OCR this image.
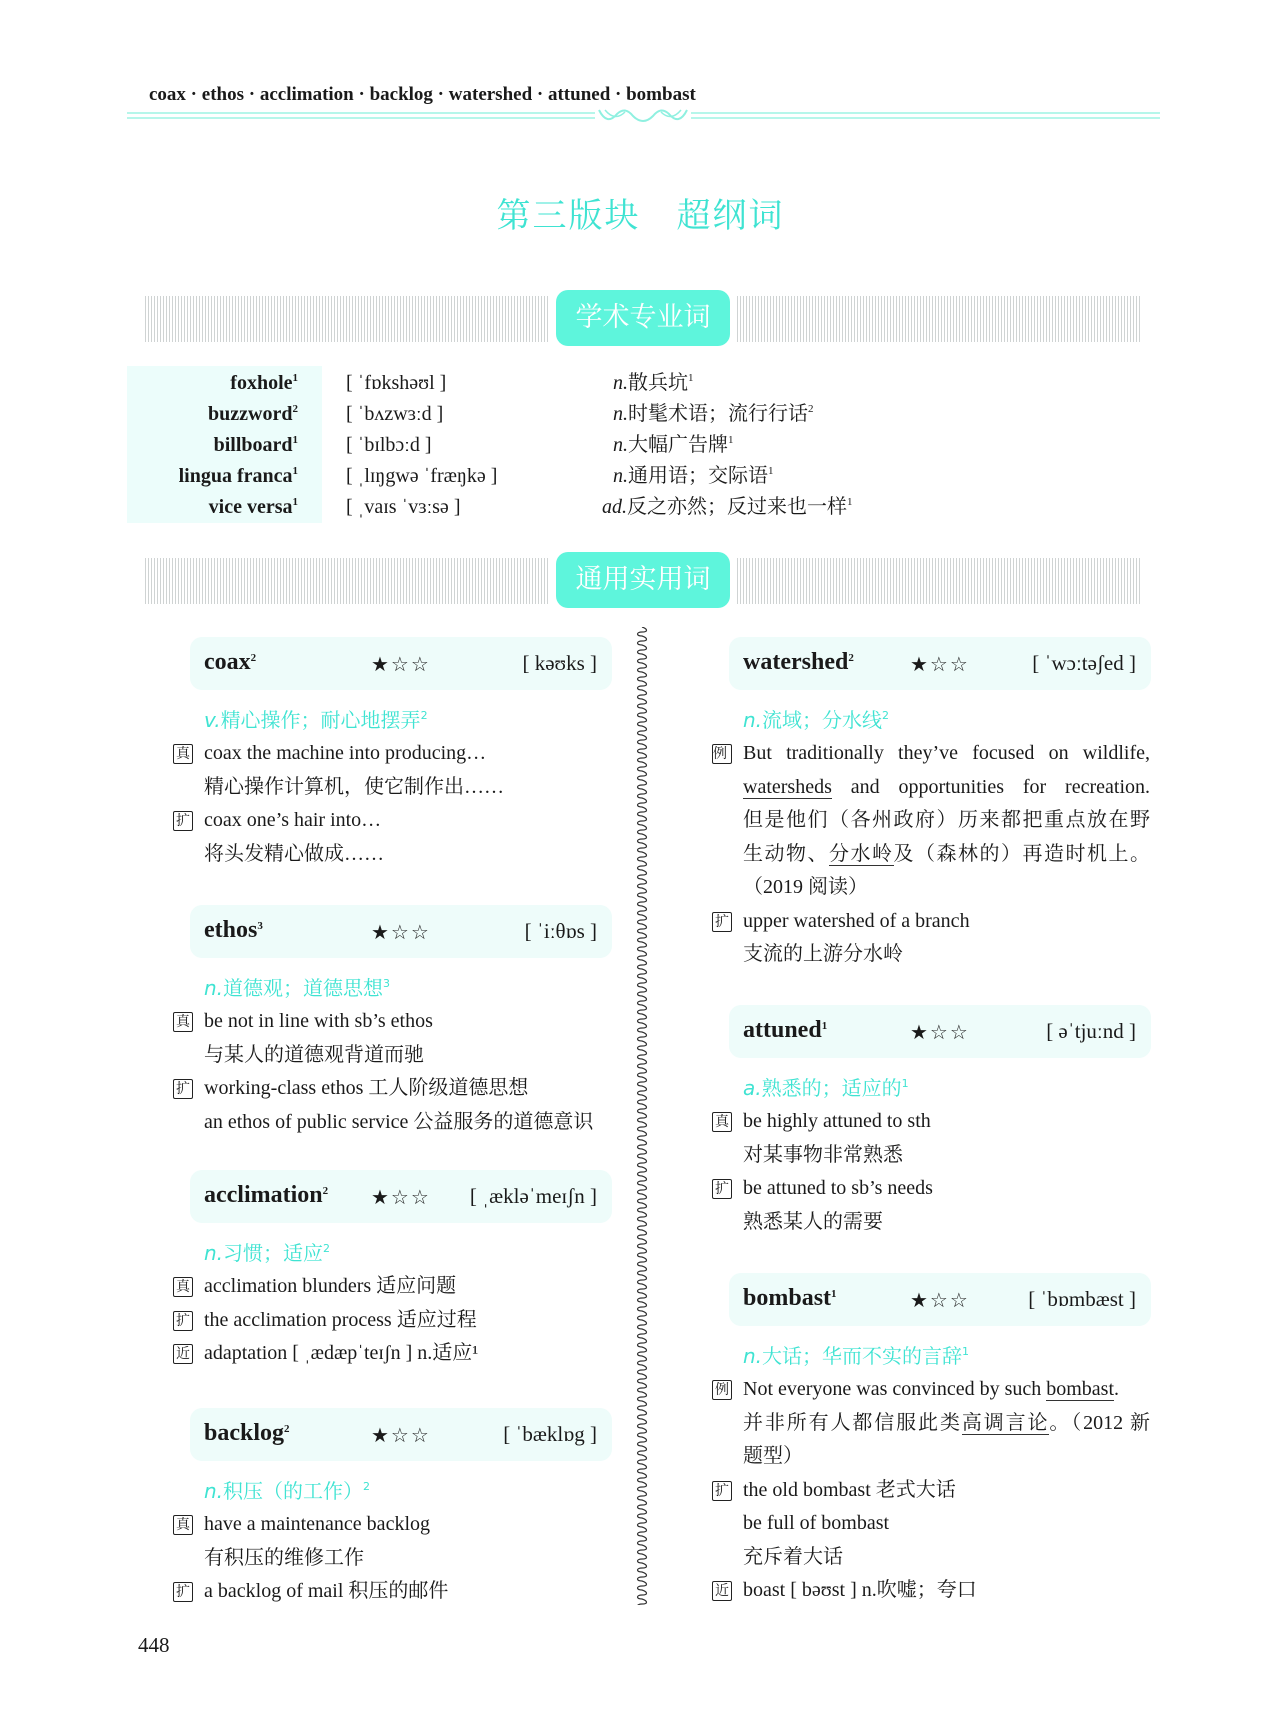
coax · ethos · acclimation · backlog · watershed · attuned · bombast
第三版块　超纲词
学术专业词
foxhole$^1$ [ ˈfɒkshəʊl ]	n.散兵坑$^1$
buzzword$^2$ [ ˈbʌzwɜːd ]	n.时髦术语；流行行话$^2$
billboard$^1$ [ ˈbɪlbɔːd ]	n.大幅广告牌$^1$
lingua franca$^1$ [ ˌlɪŋgwə ˈfræŋkə ]	n.通用语；交际语$^1$
vice versa$^1$ [ ˌvaɪs ˈvɜːsə ]	ad.反之亦然；反过来也一样$^1$
通用实用词
coax$^2$	★☆☆	[ kəʊks ]
v.精心操作；耐心地摆弄$^2$
真 coax the machine into producing…
精心操作计算机，使它制作出……
扩 coax one’s hair into…
将头发精心做成……
ethos$^3$	★☆☆	[ ˈiːθɒs ]
n.道德观；道德思想$^3$
真 be not in line with sb’s ethos
与某人的道德观背道而驰
扩 working-class ethos 工人阶级道德思想
an ethos of public service 公益服务的道德意识
acclimation$^2$ ★☆☆ [ ˌækləˈmeɪʃn ]
n.习惯；适应$^2$
真 acclimation blunders 适应问题
扩 the acclimation process 适应过程
近 adaptation [ ˌædæpˈteɪʃn ] n.适应¹
backlog$^2$	★☆☆	[ ˈbæklɒg ]
n.积压（的工作）$^2$
真 have a maintenance backlog
有积压的维修工作
扩 a backlog of mail 积压的邮件
watershed$^2$	★☆☆	[ ˈwɔːtəʃed ]
n.流域；分水线$^2$
例 But traditionally they’ve focused on wildlife,
watersheds and opportunities for recreation.
但是他们（各州政府）历来都把重点放在野
生动物、分水岭及（森林的）再造时机上。
（2019 阅读）
扩 upper watershed of a branch
支流的上游分水岭
attuned$^1$	★☆☆	[ əˈtjuːnd ]
a.熟悉的；适应的$^1$
真 be highly attuned to sth
对某事物非常熟悉
扩 be attuned to sb’s needs
熟悉某人的需要
bombast$^1$	★☆☆	[ ˈbɒmbæst ]
n.大话；华而不实的言辞$^1$
例 Not everyone was convinced by such bombast.
并非所有人都信服此类高调言论。（2012 新
题型）
扩 the old bombast 老式大话
be full of bombast
充斥着大话
近 boast [ bəʊst ] n.吹嘘；夸口
448
